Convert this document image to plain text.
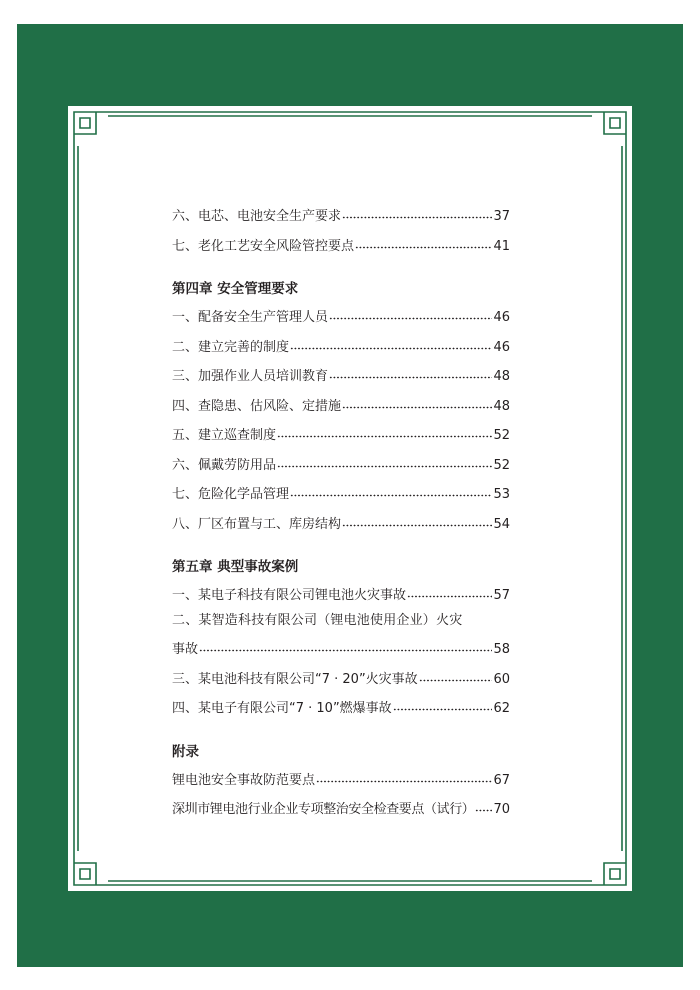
六、电芯、电池安全生产要求	37
七、老化工艺安全风险管控要点	41
第四章 安全管理要求
一、配备安全生产管理人员	46
二、建立完善的制度	46
三、加强作业人员培训教育	48
四、查隐患、估风险、定措施	48
五、建立巡查制度	52
六、佩戴劳防用品	52
七、危险化学品管理	53
八、厂区布置与工、库房结构	54
第五章 典型事故案例
一、某电子科技有限公司锂电池火灾事故	57
二、某智造科技有限公司（锂电池使用企业）火灾
事故	58
三、某电池科技有限公司“7 · 20”火灾事故	60
四、某电子有限公司“7 · 10”燃爆事故	62
附录
锂电池安全事故防范要点	67
深圳市锂电池行业企业专项整治安全检查要点（试行） 70
